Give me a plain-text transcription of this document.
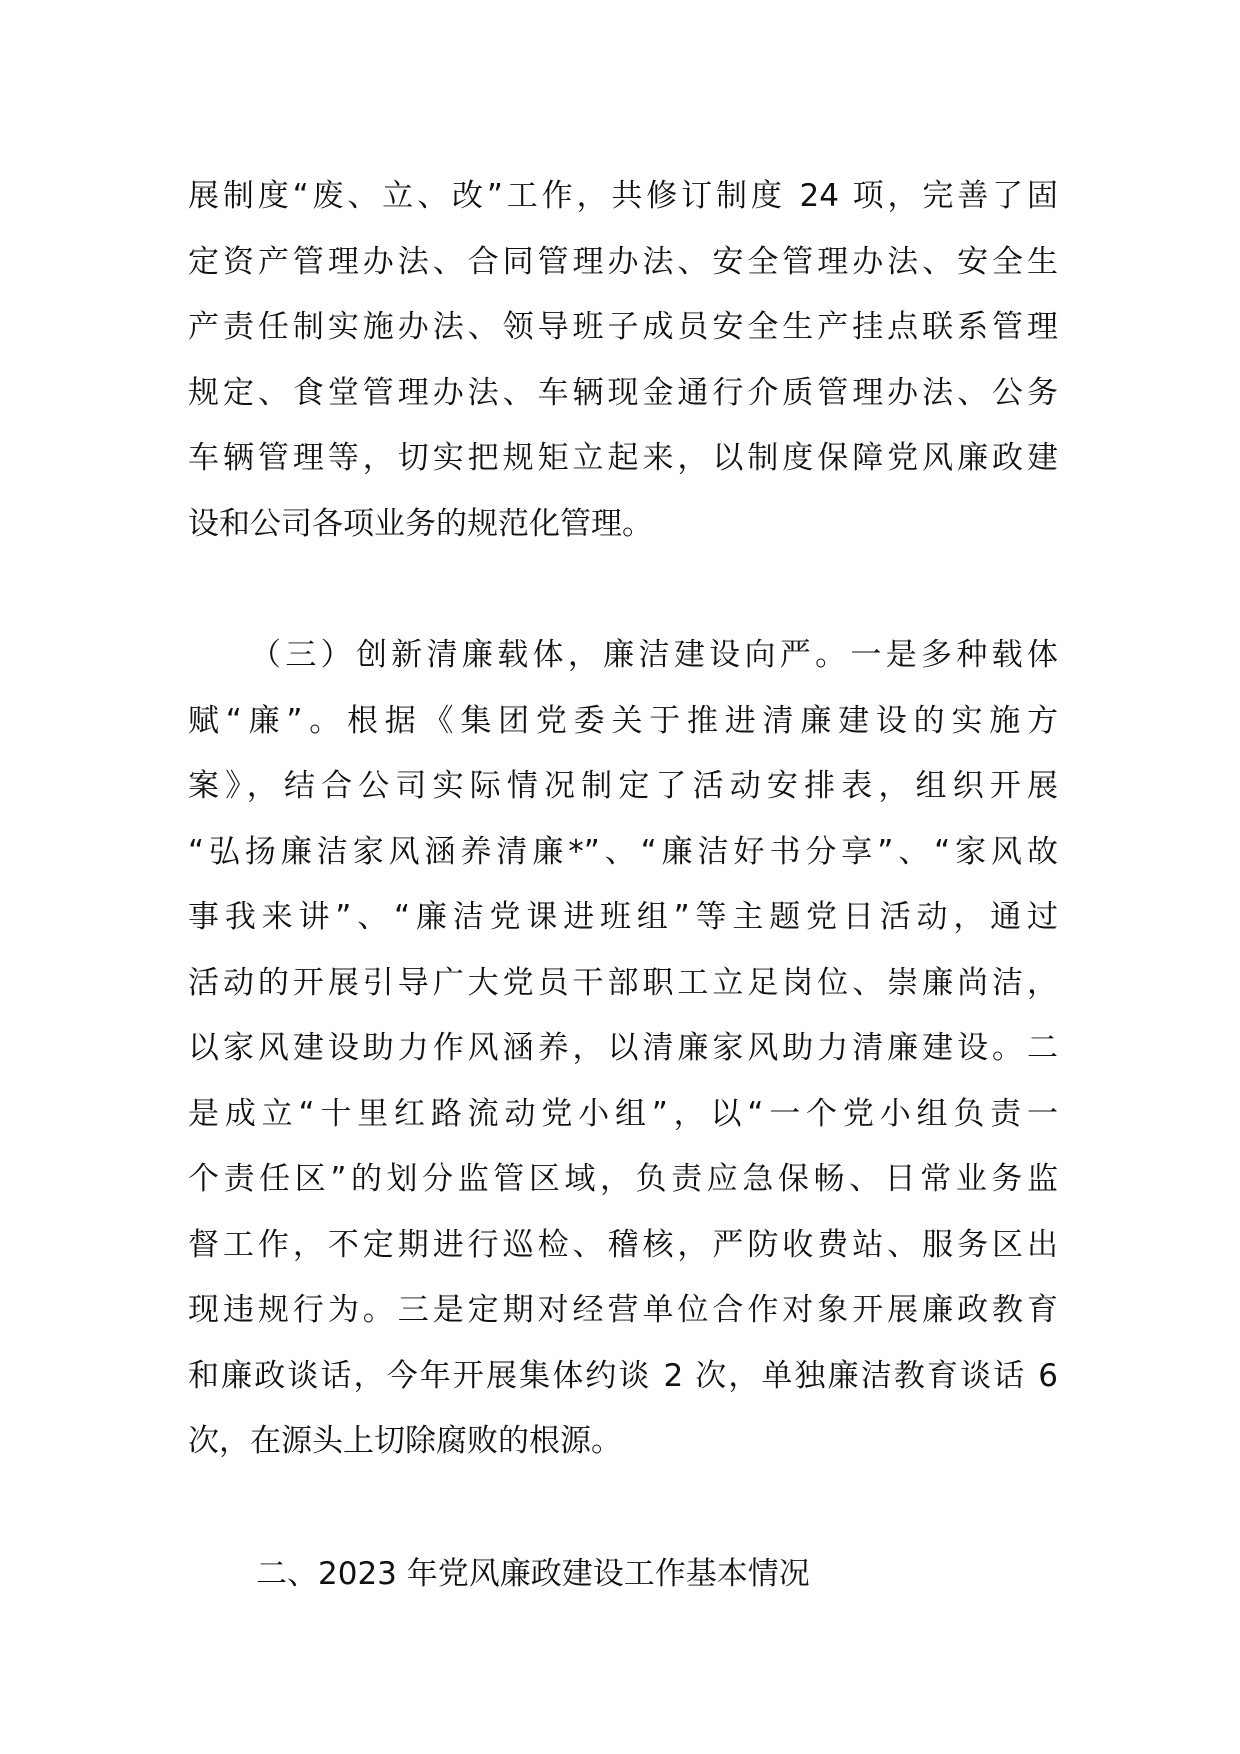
展制度“废、立、改”工作，共修订制度 24 项，完善了固
定资产管理办法、合同管理办法、安全管理办法、安全生
产责任制实施办法、领导班子成员安全生产挂点联系管理
规定、食堂管理办法、车辆现金通行介质管理办法、公务
车辆管理等，切实把规矩立起来，以制度保障党风廉政建
设和公司各项业务的规范化管理。
（三）创新清廉载体，廉洁建设向严。一是多种载体
赋“廉”。根据《集团党委关于推进清廉建设的实施方
案》，结合公司实际情况制定了活动安排表，组织开展
“弘扬廉洁家风涵养清廉*”、“廉洁好书分享”、“家风故
事我来讲”、“廉洁党课进班组”等主题党日活动，通过
活动的开展引导广大党员干部职工立足岗位、崇廉尚洁，
以家风建设助力作风涵养，以清廉家风助力清廉建设。二
是成立“十里红路流动党小组”，以“一个党小组负责一
个责任区”的划分监管区域，负责应急保畅、日常业务监
督工作，不定期进行巡检、稽核，严防收费站、服务区出
现违规行为。三是定期对经营单位合作对象开展廉政教育
和廉政谈话，今年开展集体约谈 2 次，单独廉洁教育谈话 6
次，在源头上切除腐败的根源。
二、2023 年党风廉政建设工作基本情况
